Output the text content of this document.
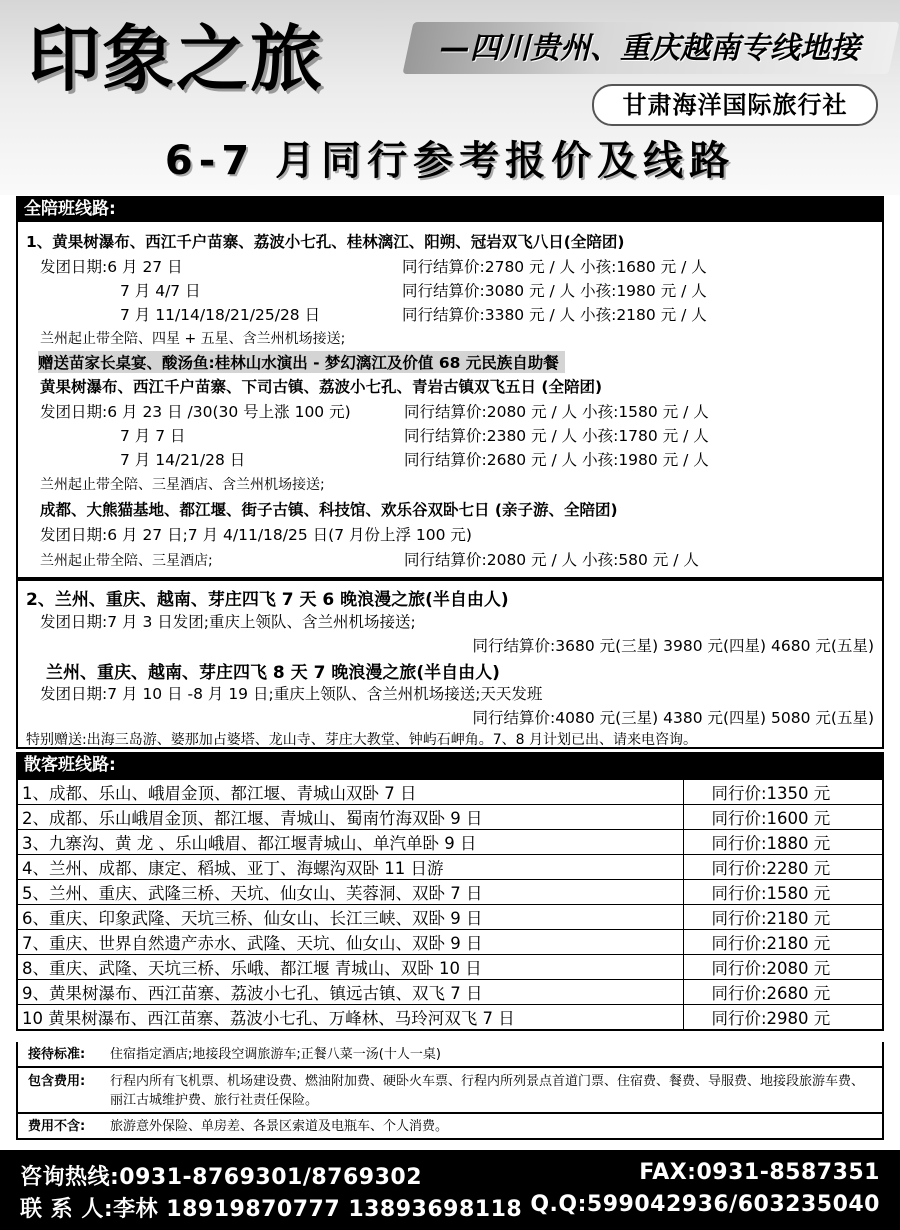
印象之旅	—四川贵州、重庆越南专线地接
甘肃海洋国际旅行社
6-7 月同行参考报价及线路
全陪班线路:
1、黄果树瀑布、西江千户苗寨、荔波小七孔、桂林漓江、阳朔、冠岩双飞八日(全陪团)
发团日期:6 月 27 日	同行结算价:2780 元 / 人 小孩:1680 元 / 人
7 月 4/7 日	同行结算价:3080 元 / 人 小孩:1980 元 / 人
7 月 11/14/18/21/25/28 日	同行结算价:3380 元 / 人 小孩:2180 元 / 人
兰州起止带全陪、四星 + 五星、含兰州机场接送;
赠送苗家长桌宴、酸汤鱼:桂林山水演出 - 梦幻漓江及价值 68 元民族自助餐
黄果树瀑布、西江千户苗寨、下司古镇、荔波小七孔、青岩古镇双飞五日 (全陪团)
发团日期:6 月 23 日 /30(30 号上涨 100 元)	同行结算价:2080 元 / 人 小孩:1580 元 / 人
7 月 7 日	同行结算价:2380 元 / 人 小孩:1780 元 / 人
7 月 14/21/28 日	同行结算价:2680 元 / 人 小孩:1980 元 / 人
兰州起止带全陪、三星酒店、含兰州机场接送;
成都、大熊猫基地、都江堰、街子古镇、科技馆、欢乐谷双卧七日 (亲子游、全陪团)
发团日期:6 月 27 日;7 月 4/11/18/25 日(7 月份上浮 100 元)
兰州起止带全陪、三星酒店;	同行结算价:2080 元 / 人 小孩:580 元 / 人
2、兰州、重庆、越南、芽庄四飞 7 天 6 晚浪漫之旅(半自由人)
发团日期:7 月 3 日发团;重庆上领队、含兰州机场接送;
同行结算价:3680 元(三星) 3980 元(四星) 4680 元(五星)
兰州、重庆、越南、芽庄四飞 8 天 7 晚浪漫之旅(半自由人)
发团日期:7 月 10 日 -8 月 19 日;重庆上领队、含兰州机场接送;天天发班
同行结算价:4080 元(三星) 4380 元(四星) 5080 元(五星)
特别赠送:出海三岛游、婆那加占婆塔、龙山寺、芽庄大教堂、钟屿石岬角。7、8 月计划已出、请来电咨询。
散客班线路:
1、成都、乐山、峨眉金顶、都江堰、青城山双卧 7 日	同行价:1350 元
2、成都、乐山峨眉金顶、都江堰、青城山、蜀南竹海双卧 9 日	同行价:1600 元
3、九寨沟、黄 龙 、乐山峨眉、都江堰青城山、单汽单卧 9 日	同行价:1880 元
4、兰州、成都、康定、稻城、亚丁、海螺沟双卧 11 日游	同行价:2280 元
5、兰州、重庆、武隆三桥、天坑、仙女山、芙蓉洞、双卧 7 日	同行价:1580 元
6、重庆、印象武隆、天坑三桥、仙女山、长江三峡、双卧 9 日	同行价:2180 元
7、重庆、世界自然遗产赤水、武隆、天坑、仙女山、双卧 9 日	同行价:2180 元
8、重庆、武隆、天坑三桥、乐峨、都江堰 青城山、双卧 10 日	同行价:2080 元
9、黄果树瀑布、西江苗寨、荔波小七孔、镇远古镇、双飞 7 日	同行价:2680 元
10 黄果树瀑布、西江苗寨、荔波小七孔、万峰林、马玲河双飞 7 日	同行价:2980 元
接待标准: 住宿指定酒店;地接段空调旅游车;正餐八菜一汤(十人一桌)
包含费用: 行程内所有飞机票、机场建设费、燃油附加费、硬卧火车票、行程内所列景点首道门票、住宿费、餐费、导服费、地接段旅游车费、丽江古城维护费、旅行社责任保险。
费用不含: 旅游意外保险、单房差、各景区索道及电瓶车、个人消费。
咨询热线:0931-8769301/8769302	FAX:0931-8587351
联 系 人:李林 18919870777 13893698118 Q.Q:599042936/603235040
